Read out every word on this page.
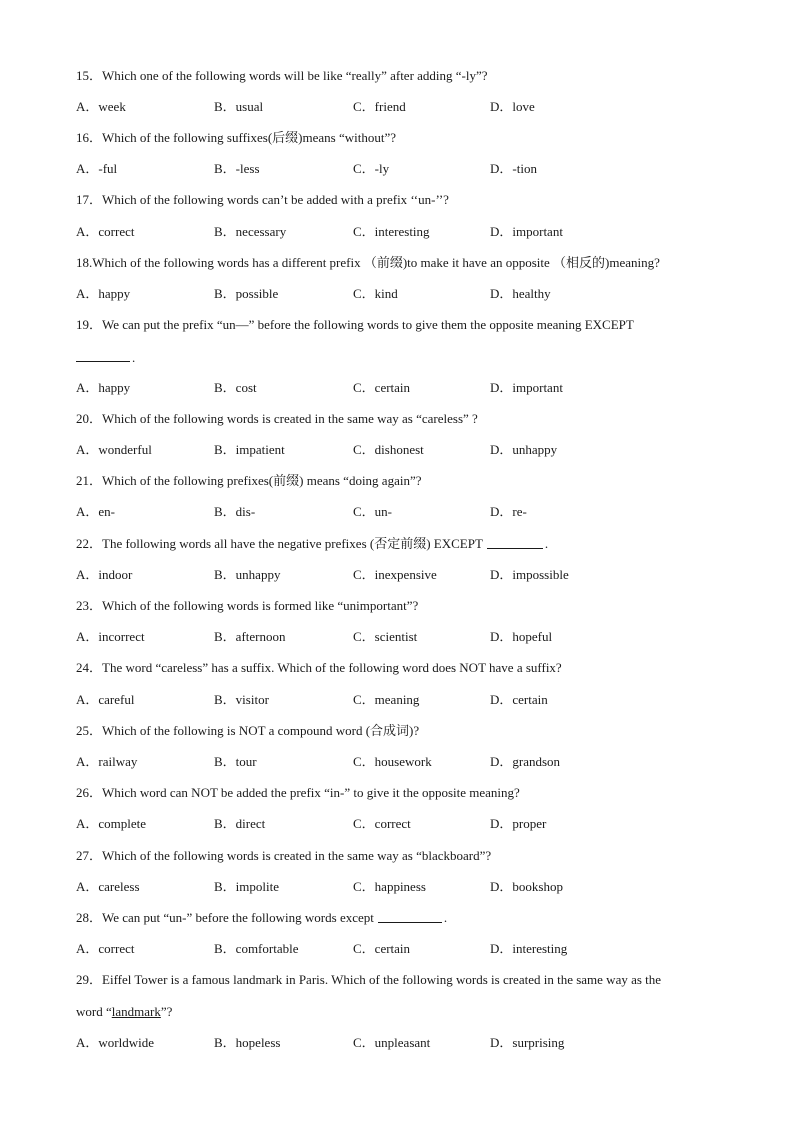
15． Which one of the following words will be like “really” after adding “-ly”?
A．week	B．usual	C．friend	D．love
16． Which of the following suffixes(后缀)means “without”?
A．-ful	B．-less	C．-ly	D．-tion
17． Which of the following words can’t be added with a prefix ‘‘un-’’?
A．correct	B．necessary	C．interesting	D．important
18. Which of the following words has a different prefix （前缀)to make it have an opposite （相反的)meaning?
A．happy	B．possible	C．kind	D．healthy
19． We can put the prefix “un—” before the following words to give them the opposite meaning EXCEPT
.
A．happy	B．cost	C．certain	D．important
20． Which of the following words is created in the same way as “careless” ?
A．wonderful	B．impatient	C．dishonest	D．unhappy
21． Which of the following prefixes(前缀) means “doing again”?
A．en-	B．dis-	C．un-	D．re-
22． The following words all have the negative prefixes (否定前缀) EXCEPT	.
A．indoor	B．unhappy	C．inexpensive	D．impossible
23． Which of the following words is formed like “unimportant”?
A．incorrect	B．afternoon	C．scientist	D．hopeful
24． The word “careless” has a suffix. Which of the following word does NOT have a suffix?
A．careful	B．visitor	C．meaning	D．certain
25． Which of the following is NOT a compound word (合成词)?
A．railway	B．tour	C．housework	D．grandson
26． Which word can NOT be added the prefix “in-” to give it the opposite meaning?
A．complete	B．direct	C．correct	D．proper
27． Which of the following words is created in the same way as “blackboard”?
A．careless	B．impolite	C．happiness	D．bookshop
28． We can put “un-” before the following words except	.
A．correct	B．comfortable	C．certain	D．interesting
29． Eiffel Tower is a famous landmark in Paris. Which of the following words is created in the same way as the
word “landmark”?
A．worldwide	B．hopeless	C．unpleasant	D．surprising
